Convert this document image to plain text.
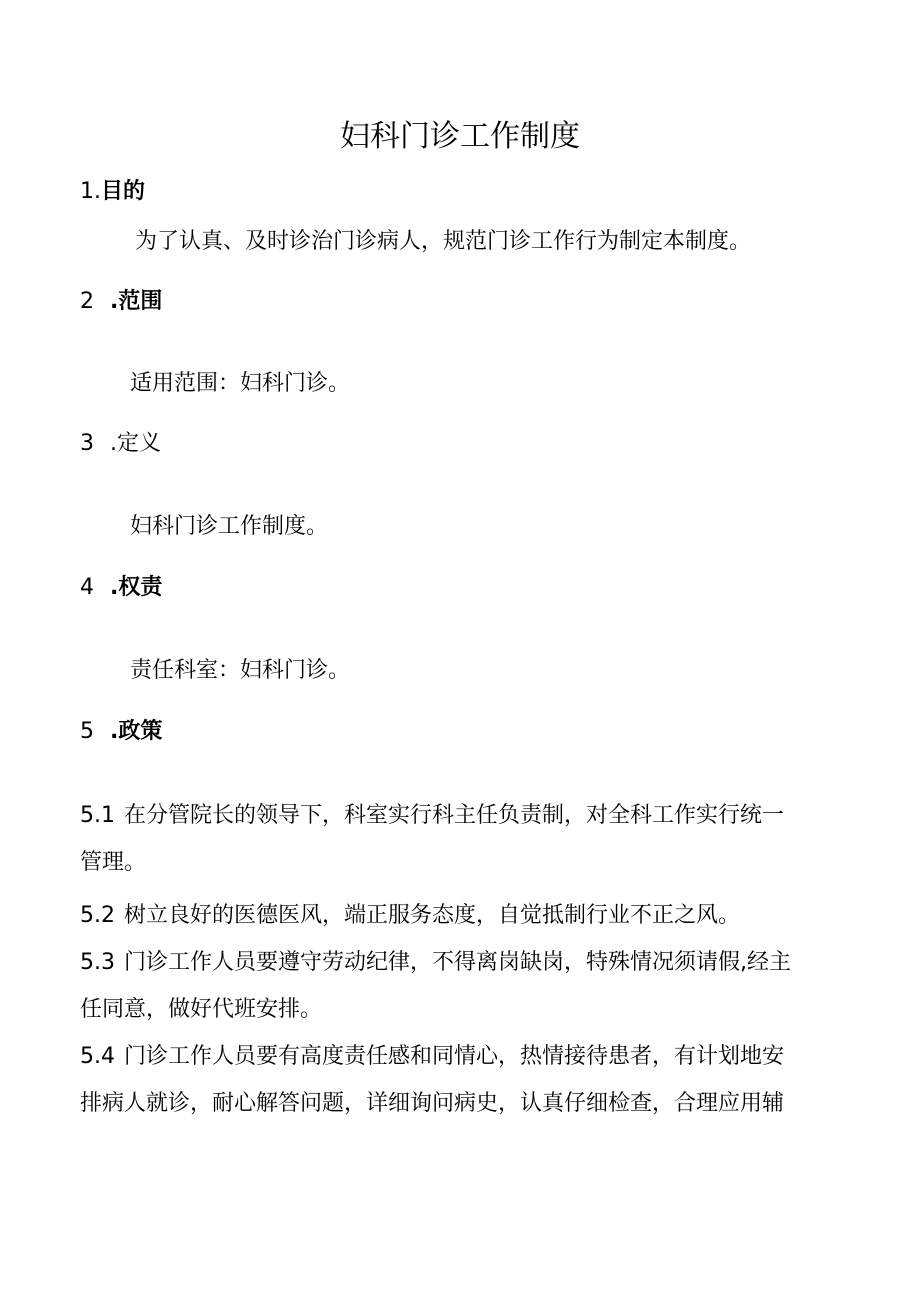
妇科门诊工作制度
1.目的
为了认真、及时诊治门诊病人，规范门诊工作行为制定本制度。
2 .范围
适用范围：妇科门诊。
3 .定义
妇科门诊工作制度。
4 .权责
责任科室：妇科门诊。
5 .政策
5.1 在分管院长的领导下，科室实行科主任负责制，对全科工作实行统一
管理。
5.2 树立良好的医德医风，端正服务态度，自觉抵制行业不正之风。
5.3 门诊工作人员要遵守劳动纪律，不得离岗缺岗，特殊情况须请假,经主
任同意，做好代班安排。
5.4 门诊工作人员要有高度责任感和同情心，热情接待患者，有计划地安
排病人就诊，耐心解答问题，详细询问病史，认真仔细检查，合理应用辅
